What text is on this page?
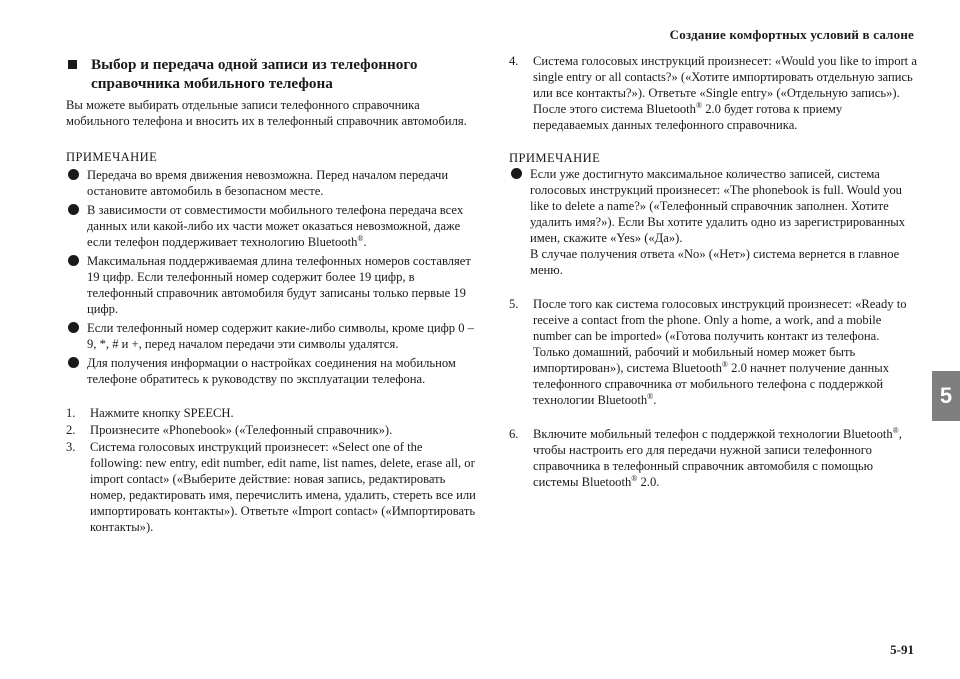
Создание комфортных условий в салоне
Выбор и передача одной записи из телефонного справочника мобильного телефона

Вы можете выбирать отдельные записи телефонного справочника мобильного телефона и вносить их в телефонный справочник автомобиля.

ПРИМЕЧАНИЕ
Передача во время движения невозможна. Перед началом передачи остановите автомобиль в безопасном месте.
В зависимости от совместимости мобильного телефона передача всех данных или какой-либо их части может оказаться невозможной, даже если телефон поддерживает технологию Bluetooth®.
Максимальная поддерживаемая длина телефонных номеров составляет 19 цифр. Если телефонный номер содержит более 19 цифр, в телефонный справочник автомобиля будут записаны только первые 19 цифр.
Если телефонный номер содержит какие-либо символы, кроме цифр 0 – 9, *, # и +, перед началом передачи эти символы удалятся.
Для получения информации о настройках соединения на мобильном телефоне обратитесь к руководству по эксплуатации телефона.
1.	Нажмите кнопку SPEECH.
2.	Произнесите «Phonebook» («Телефонный справочник»).
3.	Система голосовых инструкций произнесет: «Select one of the following: new entry, edit number, edit name, list names, delete, erase all, or import contact» («Выберите действие: новая запись, редактировать номер, редактировать имя, перечислить имена, удалить, стереть все или импортировать контакты»). Ответьте «Import contact» («Импортировать контакты»).
4.	Система голосовых инструкций произнесет: «Would you like to import a single entry or all contacts?» («Хотите импортировать отдельную запись или все контакты?»). Ответьте «Single entry» («Отдельную запись»).
После этого система Bluetooth® 2.0 будет готова к приему передаваемых данных телефонного справочника.
ПРИМЕЧАНИЕ
Если уже достигнуто максимальное количество записей, система голосовых инструкций произнесет: «The phonebook is full. Would you like to delete a name?» («Телефонный справочник заполнен. Хотите удалить имя?»). Если Вы хотите удалить одно из зарегистрированных имен, скажите «Yes» («Да»).
В случае получения ответа «No» («Нет») система вернется в главное меню.
5.	После того как система голосовых инструкций произнесет: «Ready to receive a contact from the phone. Only a home, a work, and a mobile number can be imported» («Готова получить контакт из телефона. Только домашний, рабочий и мобильный номер может быть импортирован»), система Bluetooth® 2.0 начнет получение данных телефонного справочника от мобильного телефона с поддержкой технологии Bluetooth®.
6.	Включите мобильный телефон с поддержкой технологии Bluetooth®, чтобы настроить его для передачи нужной записи телефонного справочника в телефонный справочник автомобиля с помощью системы Bluetooth® 2.0.
5
5-91
